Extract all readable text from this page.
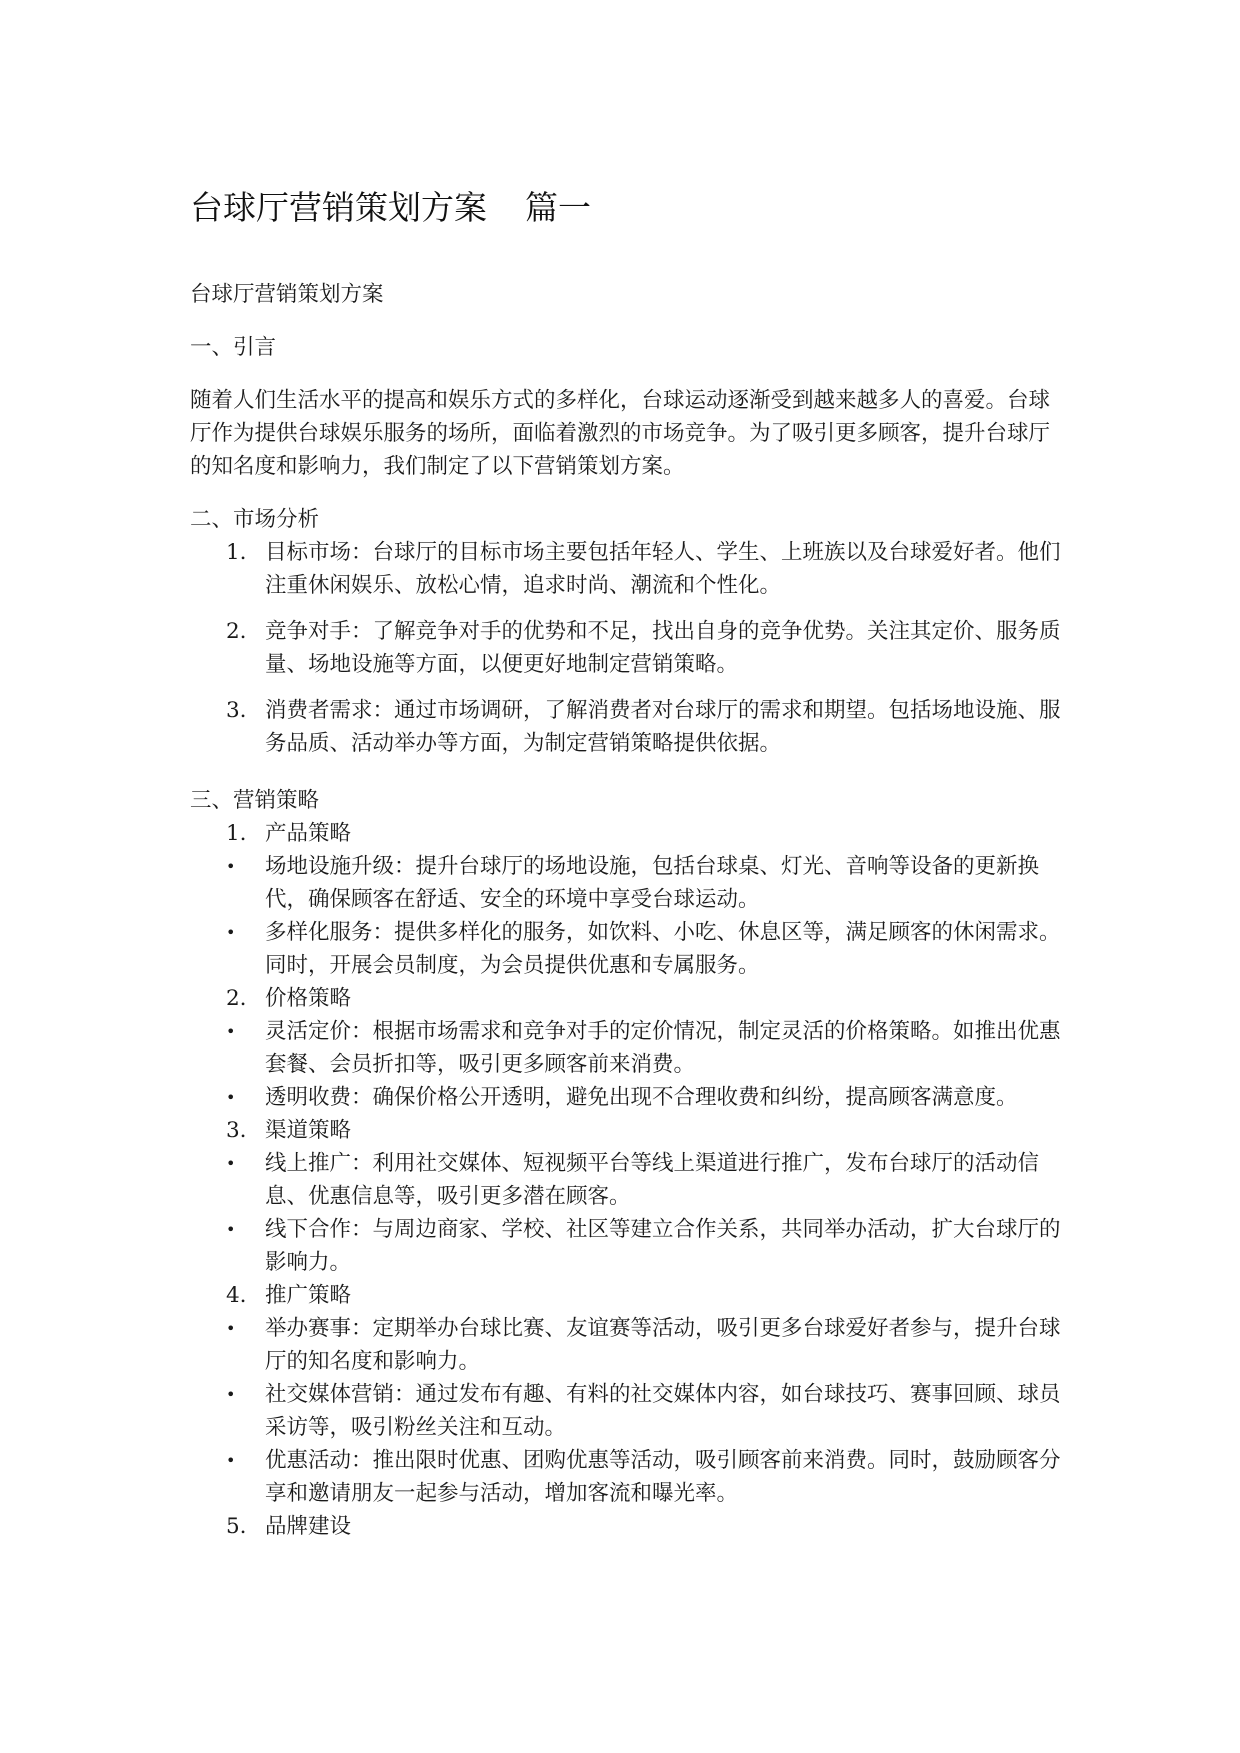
台球厅营销策划方案 篇一

台球厅营销策划方案

一、引言

随着人们生活水平的提高和娱乐方式的多样化，台球运动逐渐受到越来越多人的喜爱。台球厅作为提供台球娱乐服务的场所，面临着激烈的市场竞争。为了吸引更多顾客，提升台球厅的知名度和影响力，我们制定了以下营销策划方案。

二、市场分析

1. 目标市场：台球厅的目标市场主要包括年轻人、学生、上班族以及台球爱好者。他们注重休闲娱乐、放松心情，追求时尚、潮流和个性化。
2. 竞争对手：了解竞争对手的优势和不足，找出自身的竞争优势。关注其定价、服务质量、场地设施等方面，以便更好地制定营销策略。
3. 消费者需求：通过市场调研，了解消费者对台球厅的需求和期望。包括场地设施、服务品质、活动举办等方面，为制定营销策略提供依据。

三、营销策略

1. 产品策略
• 场地设施升级：提升台球厅的场地设施，包括台球桌、灯光、音响等设备的更新换代，确保顾客在舒适、安全的环境中享受台球运动。
• 多样化服务：提供多样化的服务，如饮料、小吃、休息区等，满足顾客的休闲需求。同时，开展会员制度，为会员提供优惠和专属服务。
2. 价格策略
• 灵活定价：根据市场需求和竞争对手的定价情况，制定灵活的价格策略。如推出优惠套餐、会员折扣等，吸引更多顾客前来消费。
• 透明收费：确保价格公开透明，避免出现不合理收费和纠纷，提高顾客满意度。
3. 渠道策略
• 线上推广：利用社交媒体、短视频平台等线上渠道进行推广，发布台球厅的活动信息、优惠信息等，吸引更多潜在顾客。
• 线下合作：与周边商家、学校、社区等建立合作关系，共同举办活动，扩大台球厅的影响力。
4. 推广策略
• 举办赛事：定期举办台球比赛、友谊赛等活动，吸引更多台球爱好者参与，提升台球厅的知名度和影响力。
• 社交媒体营销：通过发布有趣、有料的社交媒体内容，如台球技巧、赛事回顾、球员采访等，吸引粉丝关注和互动。
• 优惠活动：推出限时优惠、团购优惠等活动，吸引顾客前来消费。同时，鼓励顾客分享和邀请朋友一起参与活动，增加客流和曝光率。
5. 品牌建设
